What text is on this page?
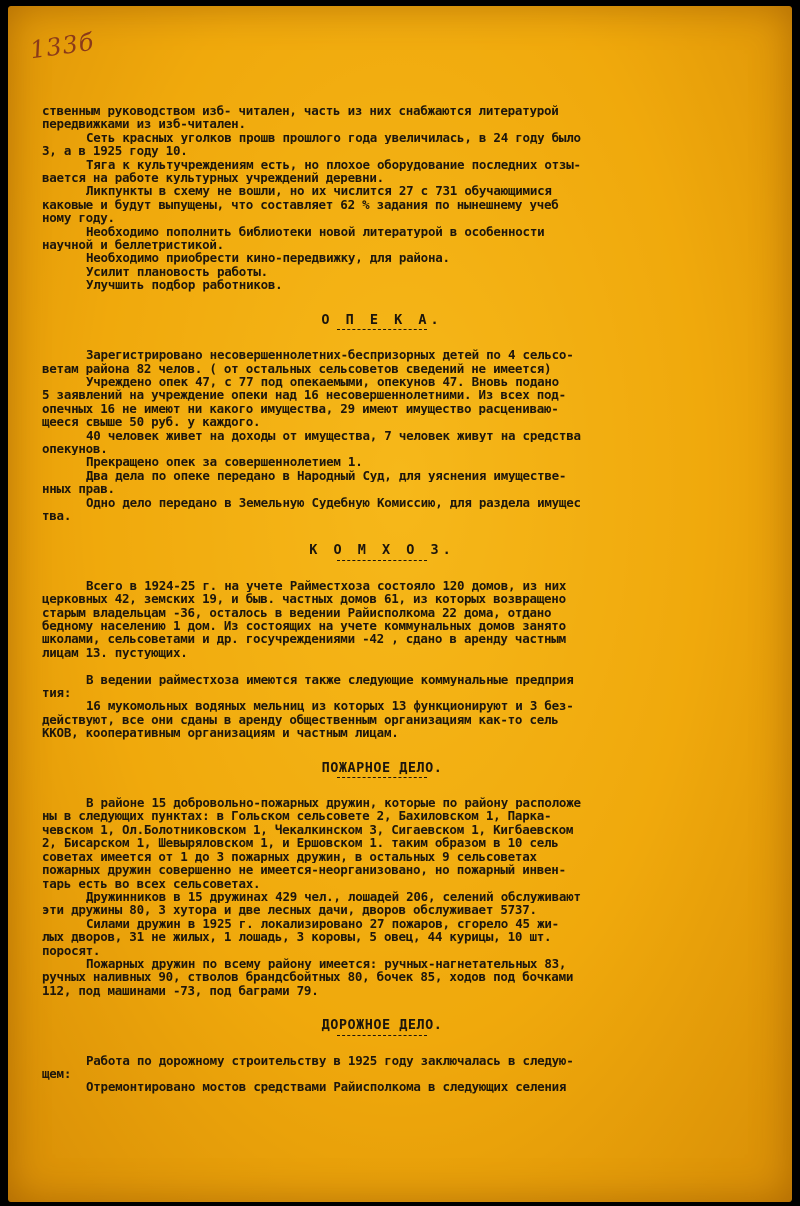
133б
ственным руководством изб- читален, часть из них снабжаются литературой
передвижками из изб-читален.
Сеть красных уголков прошв прошлого года увеличилась, в 24 году было
3, а в 1925 году 10.
Тяга к культучреждениям есть, но плохое оборудование последних отзы-
вается на работе культурных учреждений деревни.
Ликпункты в схему не вошли, но их числится 27 с 731 обучающимися
каковые и будут выпущены, что составляет 62 % задания по нынешнему учеб
ному году.
Необходимо пополнить библиотеки новой литературой в особенности
научной и беллетристикой.
Необходимо приобрести кино-передвижку, для района.
Усилит плановость работы.
Улучшить подбор работников.
О П Е К А.
Зарегистрировано несовершеннолетних-беспризорных детей по 4 сельсо-
ветам района 82 челов. ( от остальных сельсоветов сведений не имеется)
Учреждено опек 47, с 77 под опекаемыми, опекунов 47. Вновь подано
5 заявлений на учреждение опеки над 16 несовершеннолетними. Из всех под-
опечных 16 не имеют ни какого имущества, 29 имеют имущество расцениваю-
щееся свыше 50 руб. у каждого.
40 человек живет на доходы от имущества, 7 человек живут на средства
опекунов.
Прекращено опек за совершеннолетием 1.
Два дела по опеке передано в Народный Суд, для уяснения имуществе-
нных прав.
Одно дело передано в Земельную Судебную Комиссию, для раздела имущес
тва.
К О М Х О З.
Всего в 1924-25 г. на учете Райместхоза состояло 120 домов, из них
церковных 42, земских 19, и быв. частных домов 61, из которых возвращено
старым владельцам -36, осталось в ведении Райисполкома 22 дома, отдано
бедному населению 1 дом. Из состоящих на учете коммунальных домов занято
школами, сельсоветами и др. госучреждениями -42 , сдано в аренду частным
лицам 13. пустующих.

В ведении райместхоза имеются также следующие коммунальные предприя
тия:
16 мукомольных водяных мельниц из которых 13 функционируют и 3 без-
действуют, все они сданы в аренду общественным организациям как-то сель
ККОВ, кооперативным организациям и частным лицам.
ПОЖАРНОЕ ДЕЛО.
В районе 15 добровольно-пожарных дружин, которые по району расположе
ны в следующих пунктах: в Гольском сельсовете 2, Бахиловском 1, Парка-
чевском 1, Ол.Болотниковском 1, Чекалкинском 3, Сигаевском 1, Кигбаевском
2, Бисарском 1, Шевыряловском 1, и Ершовском 1. таким образом в 10 сель
советах имеется от 1 до 3 пожарных дружин, в остальных 9 сельсоветах
пожарных дружин совершенно не имеется-неорганизовано, но пожарный инвен-
тарь есть во всех сельсоветах.
Дружинников в 15 дружинах 429 чел., лошадей 206, селений обслуживают
эти дружины 80, 3 хутора и две лесных дачи, дворов обслуживает 5737.
Силами дружин в 1925 г. локализировано 27 пожаров, сгорело 45 жи-
лых дворов, 31 не жилых, 1 лошадь, 3 коровы, 5 овец, 44 курицы, 10 шт.
поросят.
Пожарных дружин по всему району имеется: ручных-нагнетательных 83,
ручных наливных 90, стволов брандсбойтных 80, бочек 85, ходов под бочками
112, под машинами -73, под баграми 79.
ДОРОЖНОЕ ДЕЛО.
Работа по дорожному строительству в 1925 году заключалась в следую-
щем:
Отремонтировано мостов средствами Райисполкома в следующих селения
